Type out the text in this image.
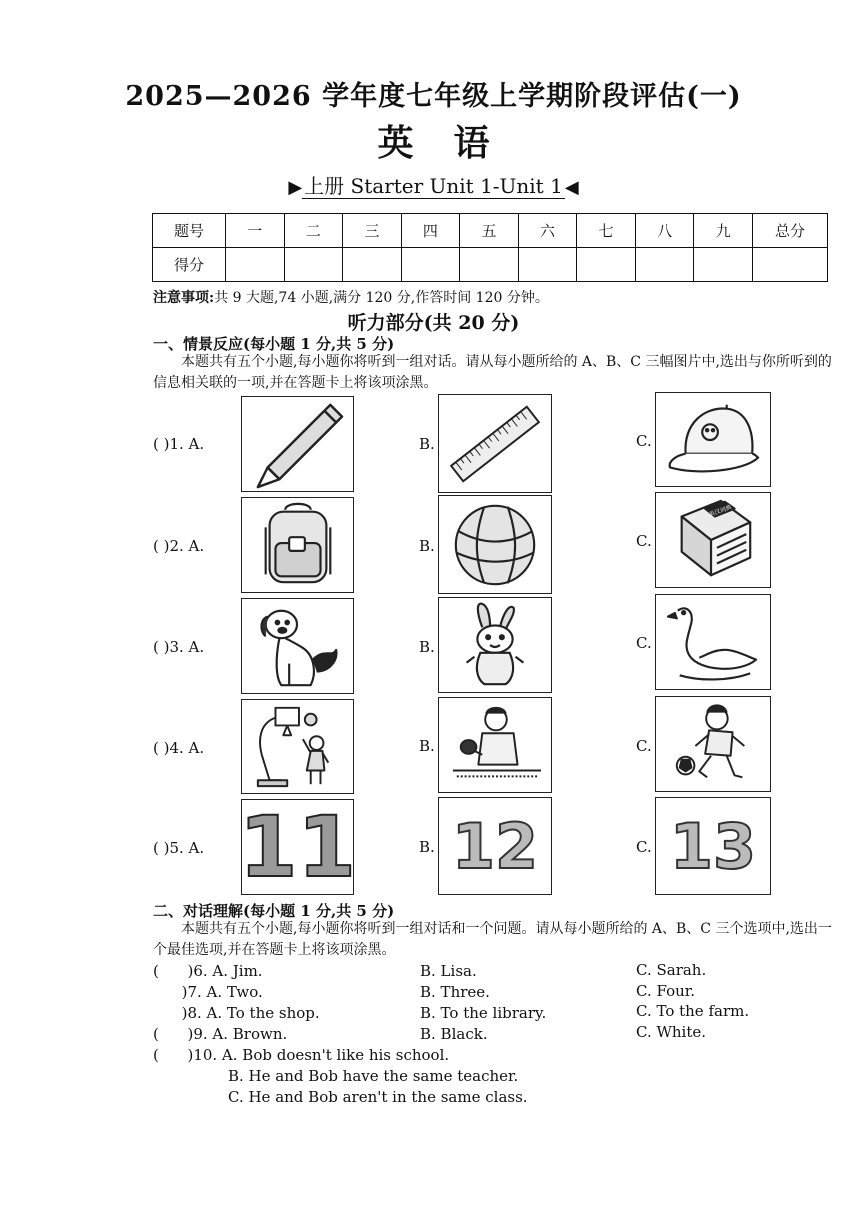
2025—2026 学年度七年级上学期阶段评估(一)
英语
▶ 上册 Starter Unit 1-Unit 1 ◀
题号	一	二	三	四	五	六	七	八	九	总分
得分										
注意事项:共 9 大题,74 小题,满分 120 分,作答时间 120 分钟。
听力部分(共 20 分)
一、情景反应(每小题 1 分,共 5 分)
本题共有五个小题,每小题你将听到一组对话。请从每小题所给的 A、B、C 三幅图片中,选出与你所听到的信息相关联的一项,并在答题卡上将该项涂黑。
( )1. A.	B.	C.
( )2. A.	B.	C.
英汉词典
( )3. A.	B.	C.
( )4. A.	B.	C.
( )5. A. 11	B. 12	C. 13
二、对话理解(每小题 1 分,共 5 分)
本题共有五个小题,每小题你将听到一组对话和一个问题。请从每小题所给的 A、B、C 三个选项中,选出一个最佳选项,并在答题卡上将该项涂黑。
(      )6. A. Jim.	B. Lisa.	C. Sarah.
)7. A. Two.	B. Three.	C. Four.
)8. A. To the shop.	B. To the library.	C. To the farm.
(      )9. A. Brown.	B. Black.	C. White.
(      )10. A. Bob doesn't like his school.
B. He and Bob have the same teacher.
C. He and Bob aren't in the same class.
